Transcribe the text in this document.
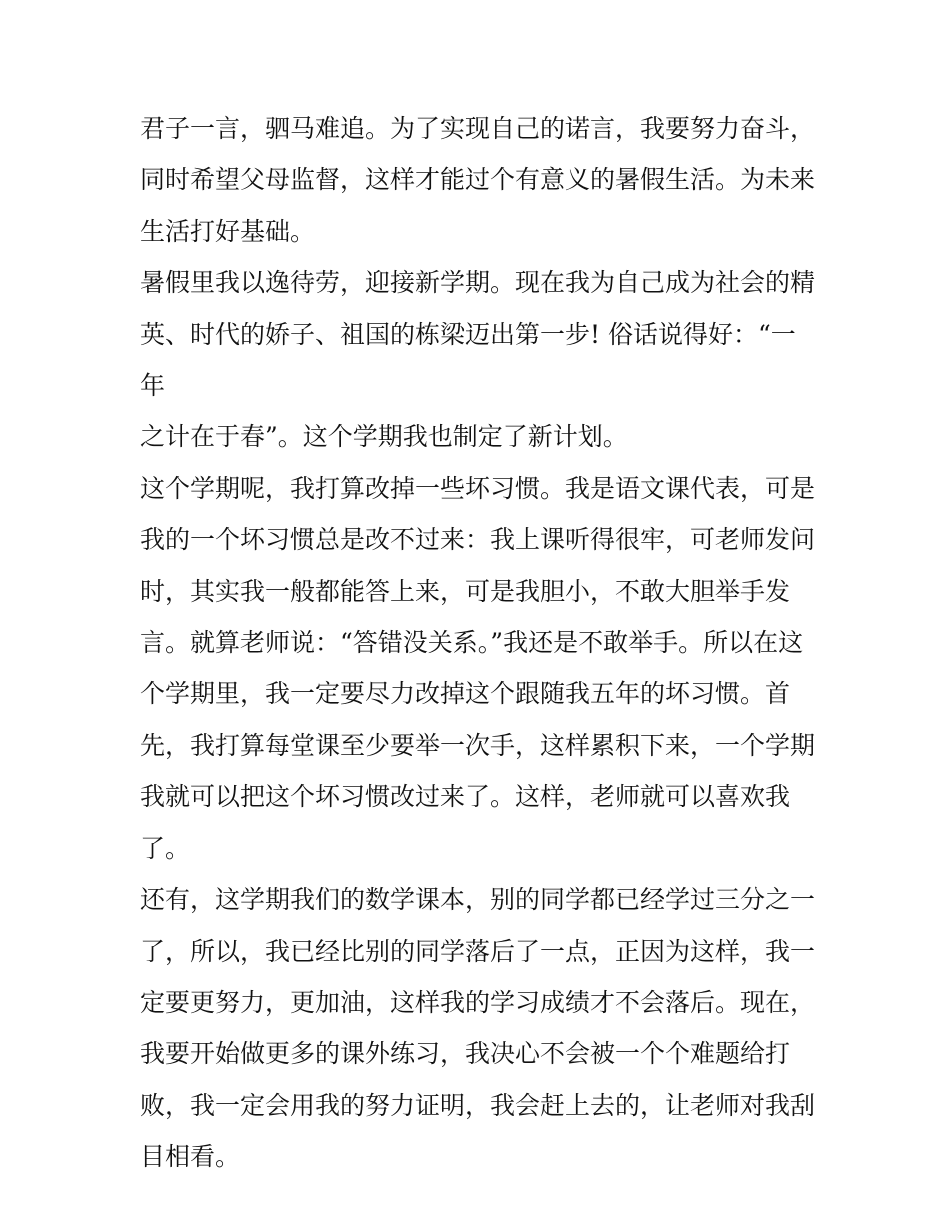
君子一言，驷马难追。为了实现自己的诺言，我要努力奋斗，
同时希望父母监督，这样才能过个有意义的暑假生活。为未来
生活打好基础。

暑假里我以逸待劳，迎接新学期。现在我为自己成为社会的精
英、时代的娇子、祖国的栋梁迈出第一步! 俗话说得好：“一年
之计在于春”。这个学期我也制定了新计划。

这个学期呢，我打算改掉一些坏习惯。我是语文课代表，可是
我的一个坏习惯总是改不过来：我上课听得很牢，可老师发问
时，其实我一般都能答上来，可是我胆小，不敢大胆举手发
言。就算老师说：“答错没关系。”我还是不敢举手。所以在这
个学期里，我一定要尽力改掉这个跟随我五年的坏习惯。首
先，我打算每堂课至少要举一次手，这样累积下来，一个学期
我就可以把这个坏习惯改过来了。这样，老师就可以喜欢我
了。

还有，这学期我们的数学课本，别的同学都已经学过三分之一
了，所以，我已经比别的同学落后了一点，正因为这样，我一
定要更努力，更加油，这样我的学习成绩才不会落后。现在，
我要开始做更多的课外练习，我决心不会被一个个难题给打
败，我一定会用我的努力证明，我会赶上去的，让老师对我刮
目相看。
